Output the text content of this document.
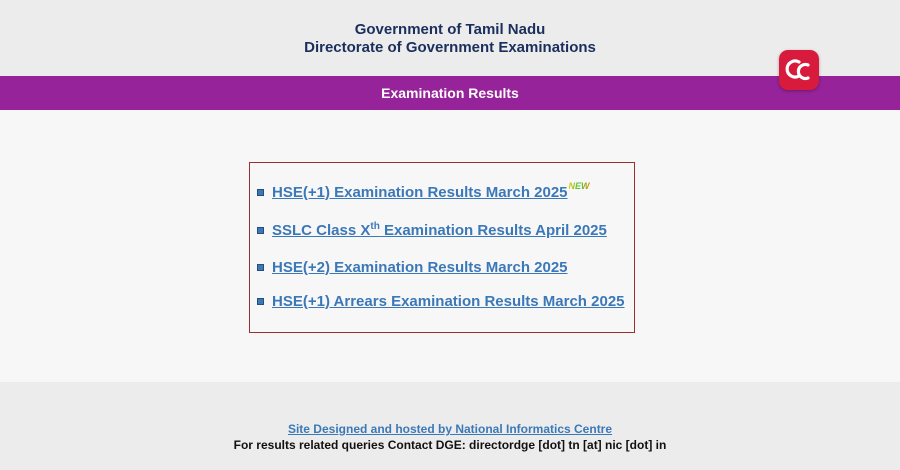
Government of Tamil Nadu
Directorate of Government Examinations
Examination Results
HSE(+1) Examination Results March 2025 NEW
SSLC Class Xth Examination Results April 2025
HSE(+2) Examination Results March 2025
HSE(+1) Arrears Examination Results March 2025
Site Designed and hosted by National Informatics Centre
For results related queries Contact DGE: directordge [dot] tn [at] nic [dot] in
